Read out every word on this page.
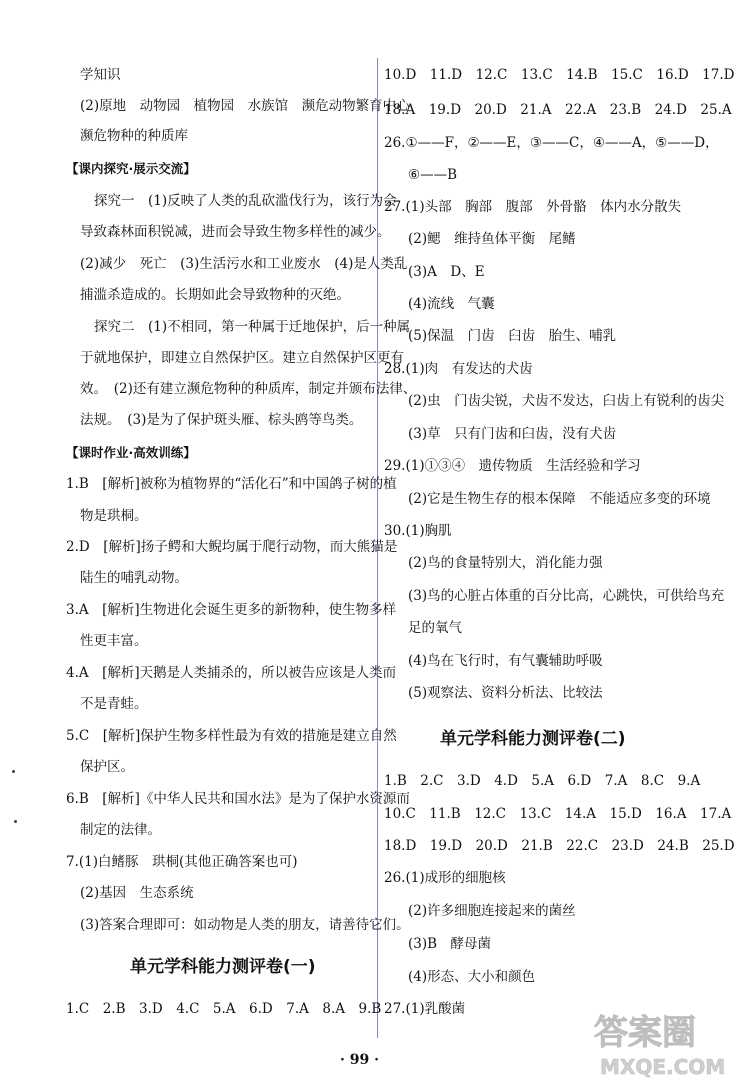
学知识
(2)原地　动物园　植物园　水族馆　濒危动物繁育中心
濒危物种的种质库
【课内探究·展示交流】
探究一　(1)反映了人类的乱砍滥伐行为，该行为会
导致森林面积锐减，进而会导致生物多样性的减少。
(2)减少　死亡　(3)生活污水和工业废水　(4)是人类乱
捕滥杀造成的。长期如此会导致物种的灭绝。
探究二　(1)不相同，第一种属于迁地保护，后一种属
于就地保护，即建立自然保护区。建立自然保护区更有
效。　(2)还有建立濒危物种的种质库，制定并颁布法律、
法规。　(3)是为了保护斑头雁、棕头鸥等鸟类。
【课时作业·高效训练】
1.B　[解析]被称为植物界的“活化石”和中国鸽子树的植
物是珙桐。
2.D　[解析]扬子鳄和大鲵均属于爬行动物，而大熊猫是
陆生的哺乳动物。
3.A　[解析]生物进化会诞生更多的新物种，使生物多样
性更丰富。
4.A　[解析]天鹅是人类捕杀的，所以被告应该是人类而
不是青蛙。
5.C　[解析]保护生物多样性最为有效的措施是建立自然
保护区。
6.B　[解析]《中华人民共和国水法》是为了保护水资源而
制定的法律。
7.(1)白鳍豚　珙桐(其他正确答案也可)
(2)基因　生态系统
(3)答案合理即可：如动物是人类的朋友，请善待它们。
单元学科能力测评卷(一)
1.C　2.B　3.D　4.C　5.A　6.D　7.A　8.A　9.B
10.D　11.D　12.C　13.C　14.B　15.C　16.D　17.D
18.A　19.D　20.D　21.A　22.A　23.B　24.D　25.A
26.①——F，②——E，③——C，④——A，⑤——D，
⑥——B
27.(1)头部　胸部　腹部　外骨骼　体内水分散失
(2)鳃　维持鱼体平衡　尾鳍
(3)A　D、E
(4)流线　气囊
(5)保温　门齿　臼齿　胎生、哺乳
28.(1)肉　有发达的犬齿
(2)虫　门齿尖锐，犬齿不发达，臼齿上有锐利的齿尖
(3)草　只有门齿和臼齿，没有犬齿
29.(1)①③④　遗传物质　生活经验和学习
(2)它是生物生存的根本保障　不能适应多变的环境
30.(1)胸肌
(2)鸟的食量特别大，消化能力强
(3)鸟的心脏占体重的百分比高，心跳快，可供给鸟充
足的氧气
(4)鸟在飞行时，有气囊辅助呼吸
(5)观察法、资料分析法、比较法
单元学科能力测评卷(二)
1.B　2.C　3.D　4.D　5.A　6.D　7.A　8.C　9.A
10.C　11.B　12.C　13.C　14.A　15.D　16.A　17.A
18.D　19.D　20.D　21.B　22.C　23.D　24.B　25.D
26.(1)成形的细胞核
(2)许多细胞连接起来的菌丝
(3)B　酵母菌
(4)形态、大小和颜色
27.(1)乳酸菌
· 99 ·
答案圈
MXQE.COM
